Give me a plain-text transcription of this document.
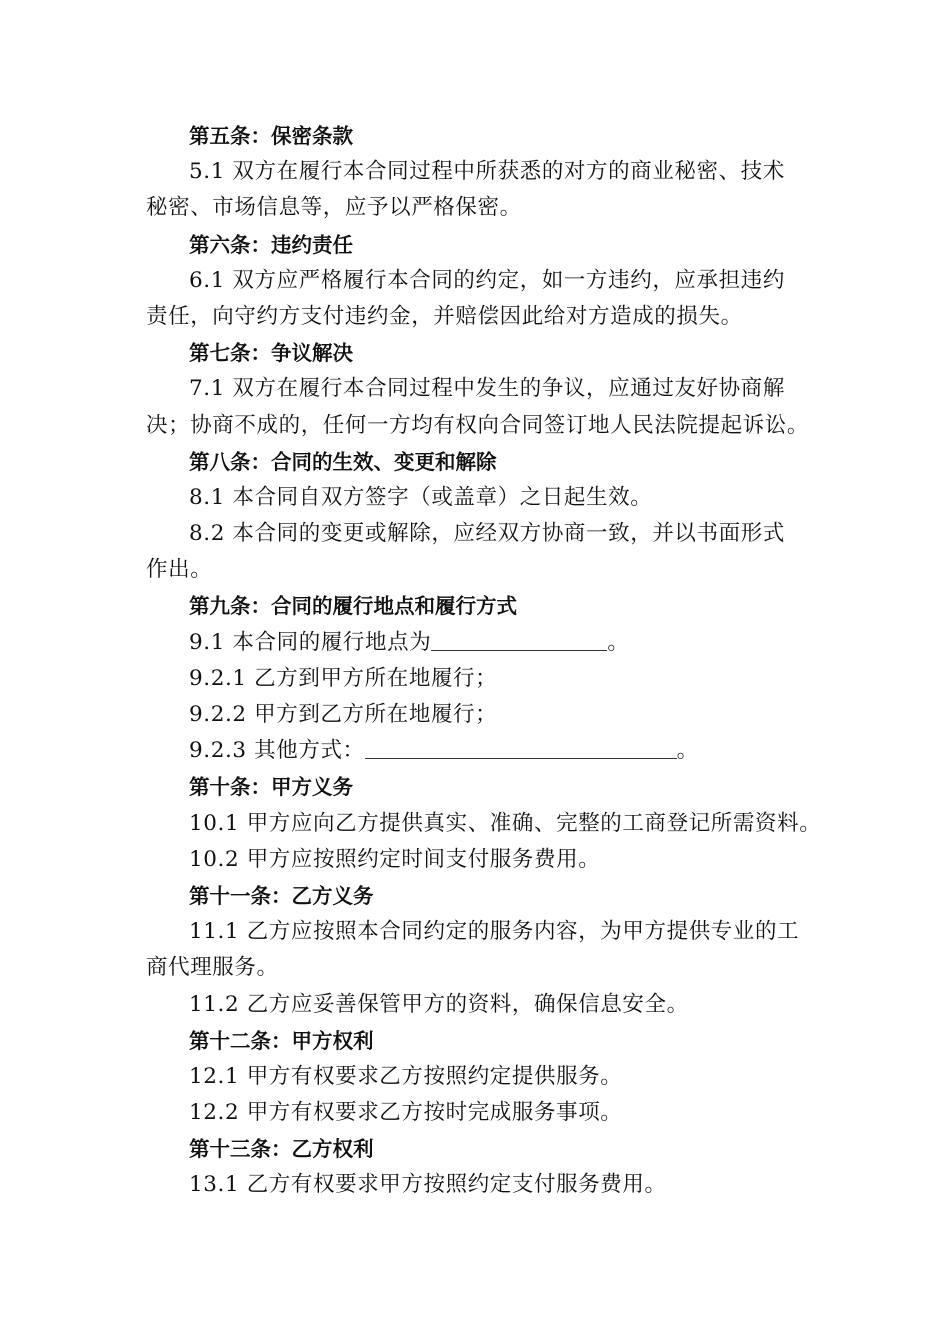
第五条：保密条款
5.1 双方在履行本合同过程中所获悉的对方的商业秘密、技术
秘密、市场信息等，应予以严格保密。
第六条：违约责任
6.1 双方应严格履行本合同的约定，如一方违约，应承担违约
责任，向守约方支付违约金，并赔偿因此给对方造成的损失。
第七条：争议解决
7.1 双方在履行本合同过程中发生的争议，应通过友好协商解
决；协商不成的，任何一方均有权向合同签订地人民法院提起诉讼。
第八条：合同的生效、变更和解除
8.1 本合同自双方签字（或盖章）之日起生效。
8.2 本合同的变更或解除，应经双方协商一致，并以书面形式
作出。
第九条：合同的履行地点和履行方式
9.1 本合同的履行地点为	。
9.2.1 乙方到甲方所在地履行；
9.2.2 甲方到乙方所在地履行；
9.2.3 其他方式：	。
第十条：甲方义务
10.1 甲方应向乙方提供真实、准确、完整的工商登记所需资料。
10.2 甲方应按照约定时间支付服务费用。
第十一条：乙方义务
11.1 乙方应按照本合同约定的服务内容，为甲方提供专业的工
商代理服务。
11.2 乙方应妥善保管甲方的资料，确保信息安全。
第十二条：甲方权利
12.1 甲方有权要求乙方按照约定提供服务。
12.2 甲方有权要求乙方按时完成服务事项。
第十三条：乙方权利
13.1 乙方有权要求甲方按照约定支付服务费用。
